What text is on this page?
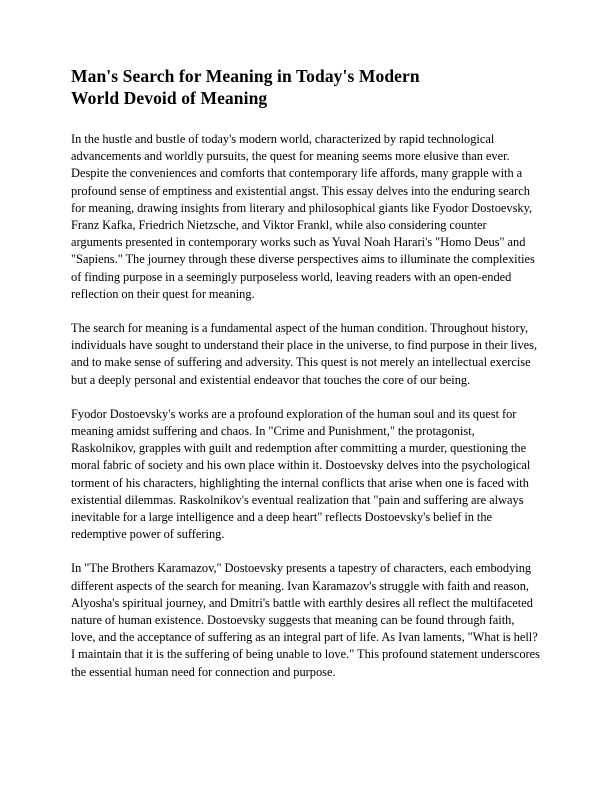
Man's Search for Meaning in Today's Modern World Devoid of Meaning

In the hustle and bustle of today's modern world, characterized by rapid technological advancements and worldly pursuits, the quest for meaning seems more elusive than ever. Despite the conveniences and comforts that contemporary life affords, many grapple with a profound sense of emptiness and existential angst. This essay delves into the enduring search for meaning, drawing insights from literary and philosophical giants like Fyodor Dostoevsky, Franz Kafka, Friedrich Nietzsche, and Viktor Frankl, while also considering counter arguments presented in contemporary works such as Yuval Noah Harari's "Homo Deus" and "Sapiens." The journey through these diverse perspectives aims to illuminate the complexities of finding purpose in a seemingly purposeless world, leaving readers with an open-ended reflection on their quest for meaning.

The search for meaning is a fundamental aspect of the human condition. Throughout history, individuals have sought to understand their place in the universe, to find purpose in their lives, and to make sense of suffering and adversity. This quest is not merely an intellectual exercise but a deeply personal and existential endeavor that touches the core of our being.

Fyodor Dostoevsky's works are a profound exploration of the human soul and its quest for meaning amidst suffering and chaos. In "Crime and Punishment," the protagonist, Raskolnikov, grapples with guilt and redemption after committing a murder, questioning the moral fabric of society and his own place within it. Dostoevsky delves into the psychological torment of his characters, highlighting the internal conflicts that arise when one is faced with existential dilemmas. Raskolnikov's eventual realization that "pain and suffering are always inevitable for a large intelligence and a deep heart" reflects Dostoevsky's belief in the redemptive power of suffering.

In "The Brothers Karamazov," Dostoevsky presents a tapestry of characters, each embodying different aspects of the search for meaning. Ivan Karamazov's struggle with faith and reason, Alyosha's spiritual journey, and Dmitri's battle with earthly desires all reflect the multifaceted nature of human existence. Dostoevsky suggests that meaning can be found through faith, love, and the acceptance of suffering as an integral part of life. As Ivan laments, "What is hell? I maintain that it is the suffering of being unable to love." This profound statement underscores the essential human need for connection and purpose.
